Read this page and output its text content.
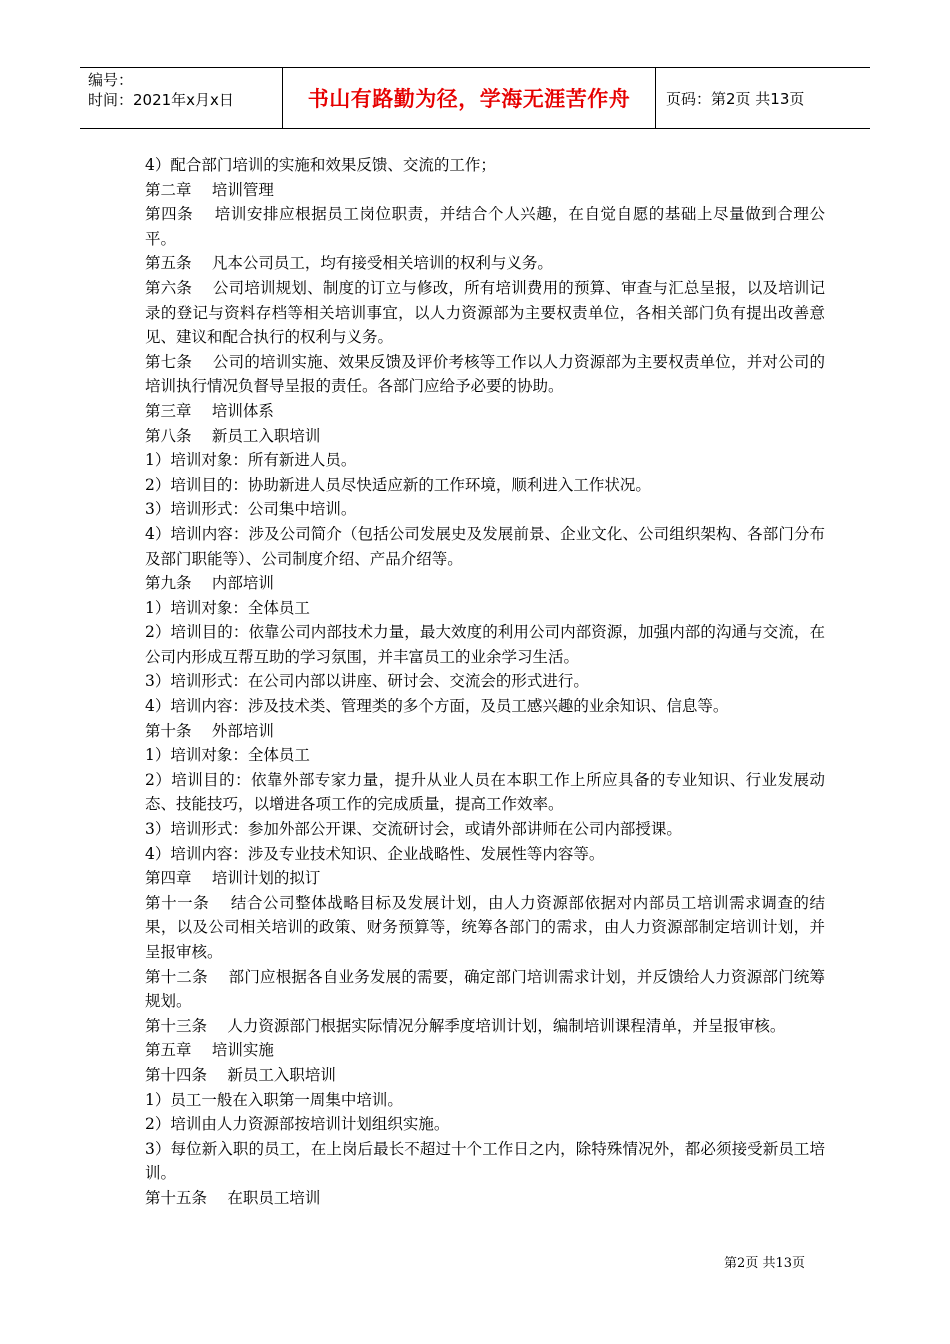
编号：
时间：2021年x月x日	书山有路勤为径，学海无涯苦作舟	页码：第2页 共13页

4）配合部门培训的实施和效果反馈、交流的工作；

第二章　 培训管理

第四条　 培训安排应根据员工岗位职责，并结合个人兴趣，在自觉自愿的基础上尽量做到合理公平。

第五条　 凡本公司员工，均有接受相关培训的权利与义务。

第六条　 公司培训规划、制度的订立与修改，所有培训费用的预算、审查与汇总呈报，以及培训记录的登记与资料存档等相关培训事宜，以人力资源部为主要权责单位，各相关部门负有提出改善意见、建议和配合执行的权利与义务。

第七条　 公司的培训实施、效果反馈及评价考核等工作以人力资源部为主要权责单位，并对公司的培训执行情况负督导呈报的责任。各部门应给予必要的协助。

第三章　 培训体系

第八条　 新员工入职培训

1）培训对象：所有新进人员。

2）培训目的：协助新进人员尽快适应新的工作环境，顺利进入工作状况。

3）培训形式：公司集中培训。

4）培训内容：涉及公司简介（包括公司发展史及发展前景、企业文化、公司组织架构、各部门分布及部门职能等）、公司制度介绍、产品介绍等。

第九条　 内部培训

1）培训对象：全体员工

2）培训目的：依靠公司内部技术力量，最大效度的利用公司内部资源，加强内部的沟通与交流，在公司内形成互帮互助的学习氛围，并丰富员工的业余学习生活。

3）培训形式：在公司内部以讲座、研讨会、交流会的形式进行。

4）培训内容：涉及技术类、管理类的多个方面，及员工感兴趣的业余知识、信息等。

第十条　 外部培训

1）培训对象：全体员工

2）培训目的：依靠外部专家力量，提升从业人员在本职工作上所应具备的专业知识、行业发展动态、技能技巧，以增进各项工作的完成质量，提高工作效率。

3）培训形式：参加外部公开课、交流研讨会，或请外部讲师在公司内部授课。

4）培训内容：涉及专业技术知识、企业战略性、发展性等内容等。

第四章　 培训计划的拟订

第十一条　 结合公司整体战略目标及发展计划，由人力资源部依据对内部员工培训需求调查的结果，以及公司相关培训的政策、财务预算等，统筹各部门的需求，由人力资源部制定培训计划，并呈报审核。

第十二条　 部门应根据各自业务发展的需要，确定部门培训需求计划，并反馈给人力资源部门统筹规划。

第十三条　 人力资源部门根据实际情况分解季度培训计划，编制培训课程清单，并呈报审核。

第五章　 培训实施

第十四条　 新员工入职培训

1）员工一般在入职第一周集中培训。

2）培训由人力资源部按培训计划组织实施。

3）每位新入职的员工，在上岗后最长不超过十个工作日之内，除特殊情况外，都必须接受新员工培训。

第十五条　 在职员工培训

第2页 共13页
